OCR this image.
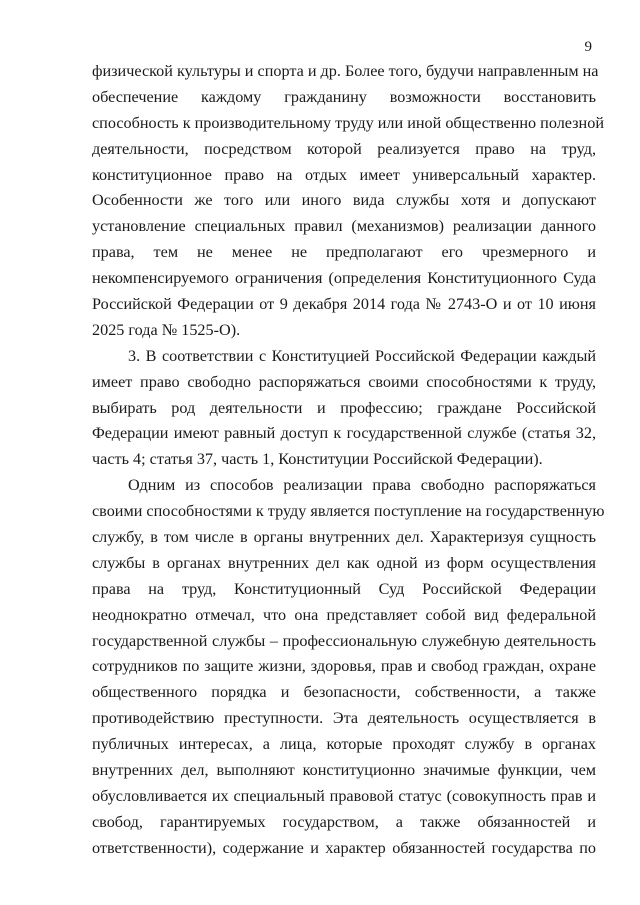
9
физической культуры и спорта и др. Более того, будучи направленным на
обеспечение каждому гражданину возможности восстановить
способность к производительному труду или иной общественно полезной
деятельности, посредством которой реализуется право на труд,
конституционное право на отдых имеет универсальный характер.
Особенности же того или иного вида службы хотя и допускают
установление специальных правил (механизмов) реализации данного
права, тем не менее не предполагают его чрезмерного и
некомпенсируемого ограничения (определения Конституционного Суда
Российской Федерации от 9 декабря 2014 года № 2743-О и от 10 июня
2025 года № 1525-О).
3. В соответствии с Конституцией Российской Федерации каждый
имеет право свободно распоряжаться своими способностями к труду,
выбирать род деятельности и профессию; граждане Российской
Федерации имеют равный доступ к государственной службе (статья 32,
часть 4; статья 37, часть 1, Конституции Российской Федерации).
Одним из способов реализации права свободно распоряжаться
своими способностями к труду является поступление на государственную
службу, в том числе в органы внутренних дел. Характеризуя сущность
службы в органах внутренних дел как одной из форм осуществления
права на труд, Конституционный Суд Российской Федерации
неоднократно отмечал, что она представляет собой вид федеральной
государственной службы – профессиональную служебную деятельность
сотрудников по защите жизни, здоровья, прав и свобод граждан, охране
общественного порядка и безопасности, собственности, а также
противодействию преступности. Эта деятельность осуществляется в
публичных интересах, а лица, которые проходят службу в органах
внутренних дел, выполняют конституционно значимые функции, чем
обусловливается их специальный правовой статус (совокупность прав и
свобод, гарантируемых государством, а также обязанностей и
ответственности), содержание и характер обязанностей государства по
